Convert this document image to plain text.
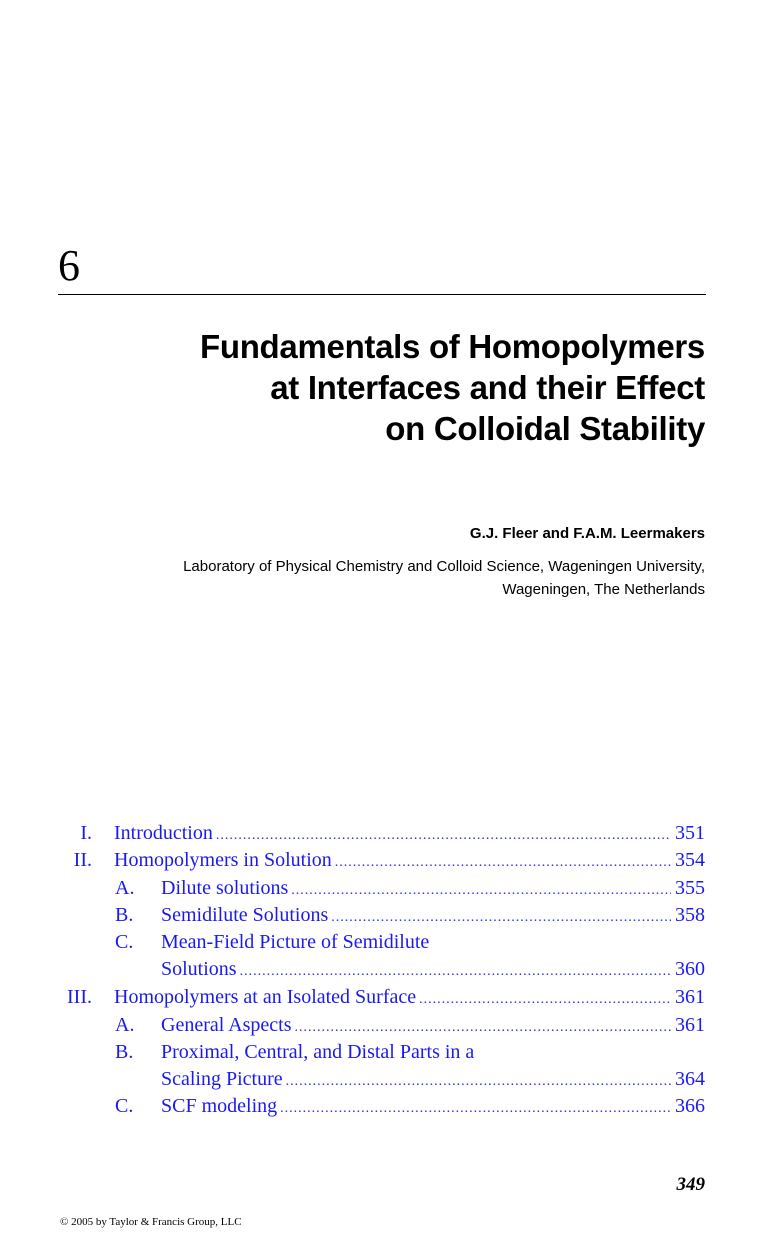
6
Fundamentals of Homopolymers
at Interfaces and their Effect
on Colloidal Stability
G.J. Fleer and F.A.M. Leermakers
Laboratory of Physical Chemistry and Colloid Science, Wageningen University,
Wageningen, The Netherlands
I. Introduction .....	351
II. Homopolymers in Solution .....	354
A. Dilute solutions .....	355
B. Semidilute Solutions .....	358
C. Mean-Field Picture of Semidilute
Solutions .....	360
III. Homopolymers at an Isolated Surface .....	361
A. General Aspects .....	361
B. Proximal, Central, and Distal Parts in a
Scaling Picture .....	364
C. SCF modeling .....	366
349
© 2005 by Taylor & Francis Group, LLC
